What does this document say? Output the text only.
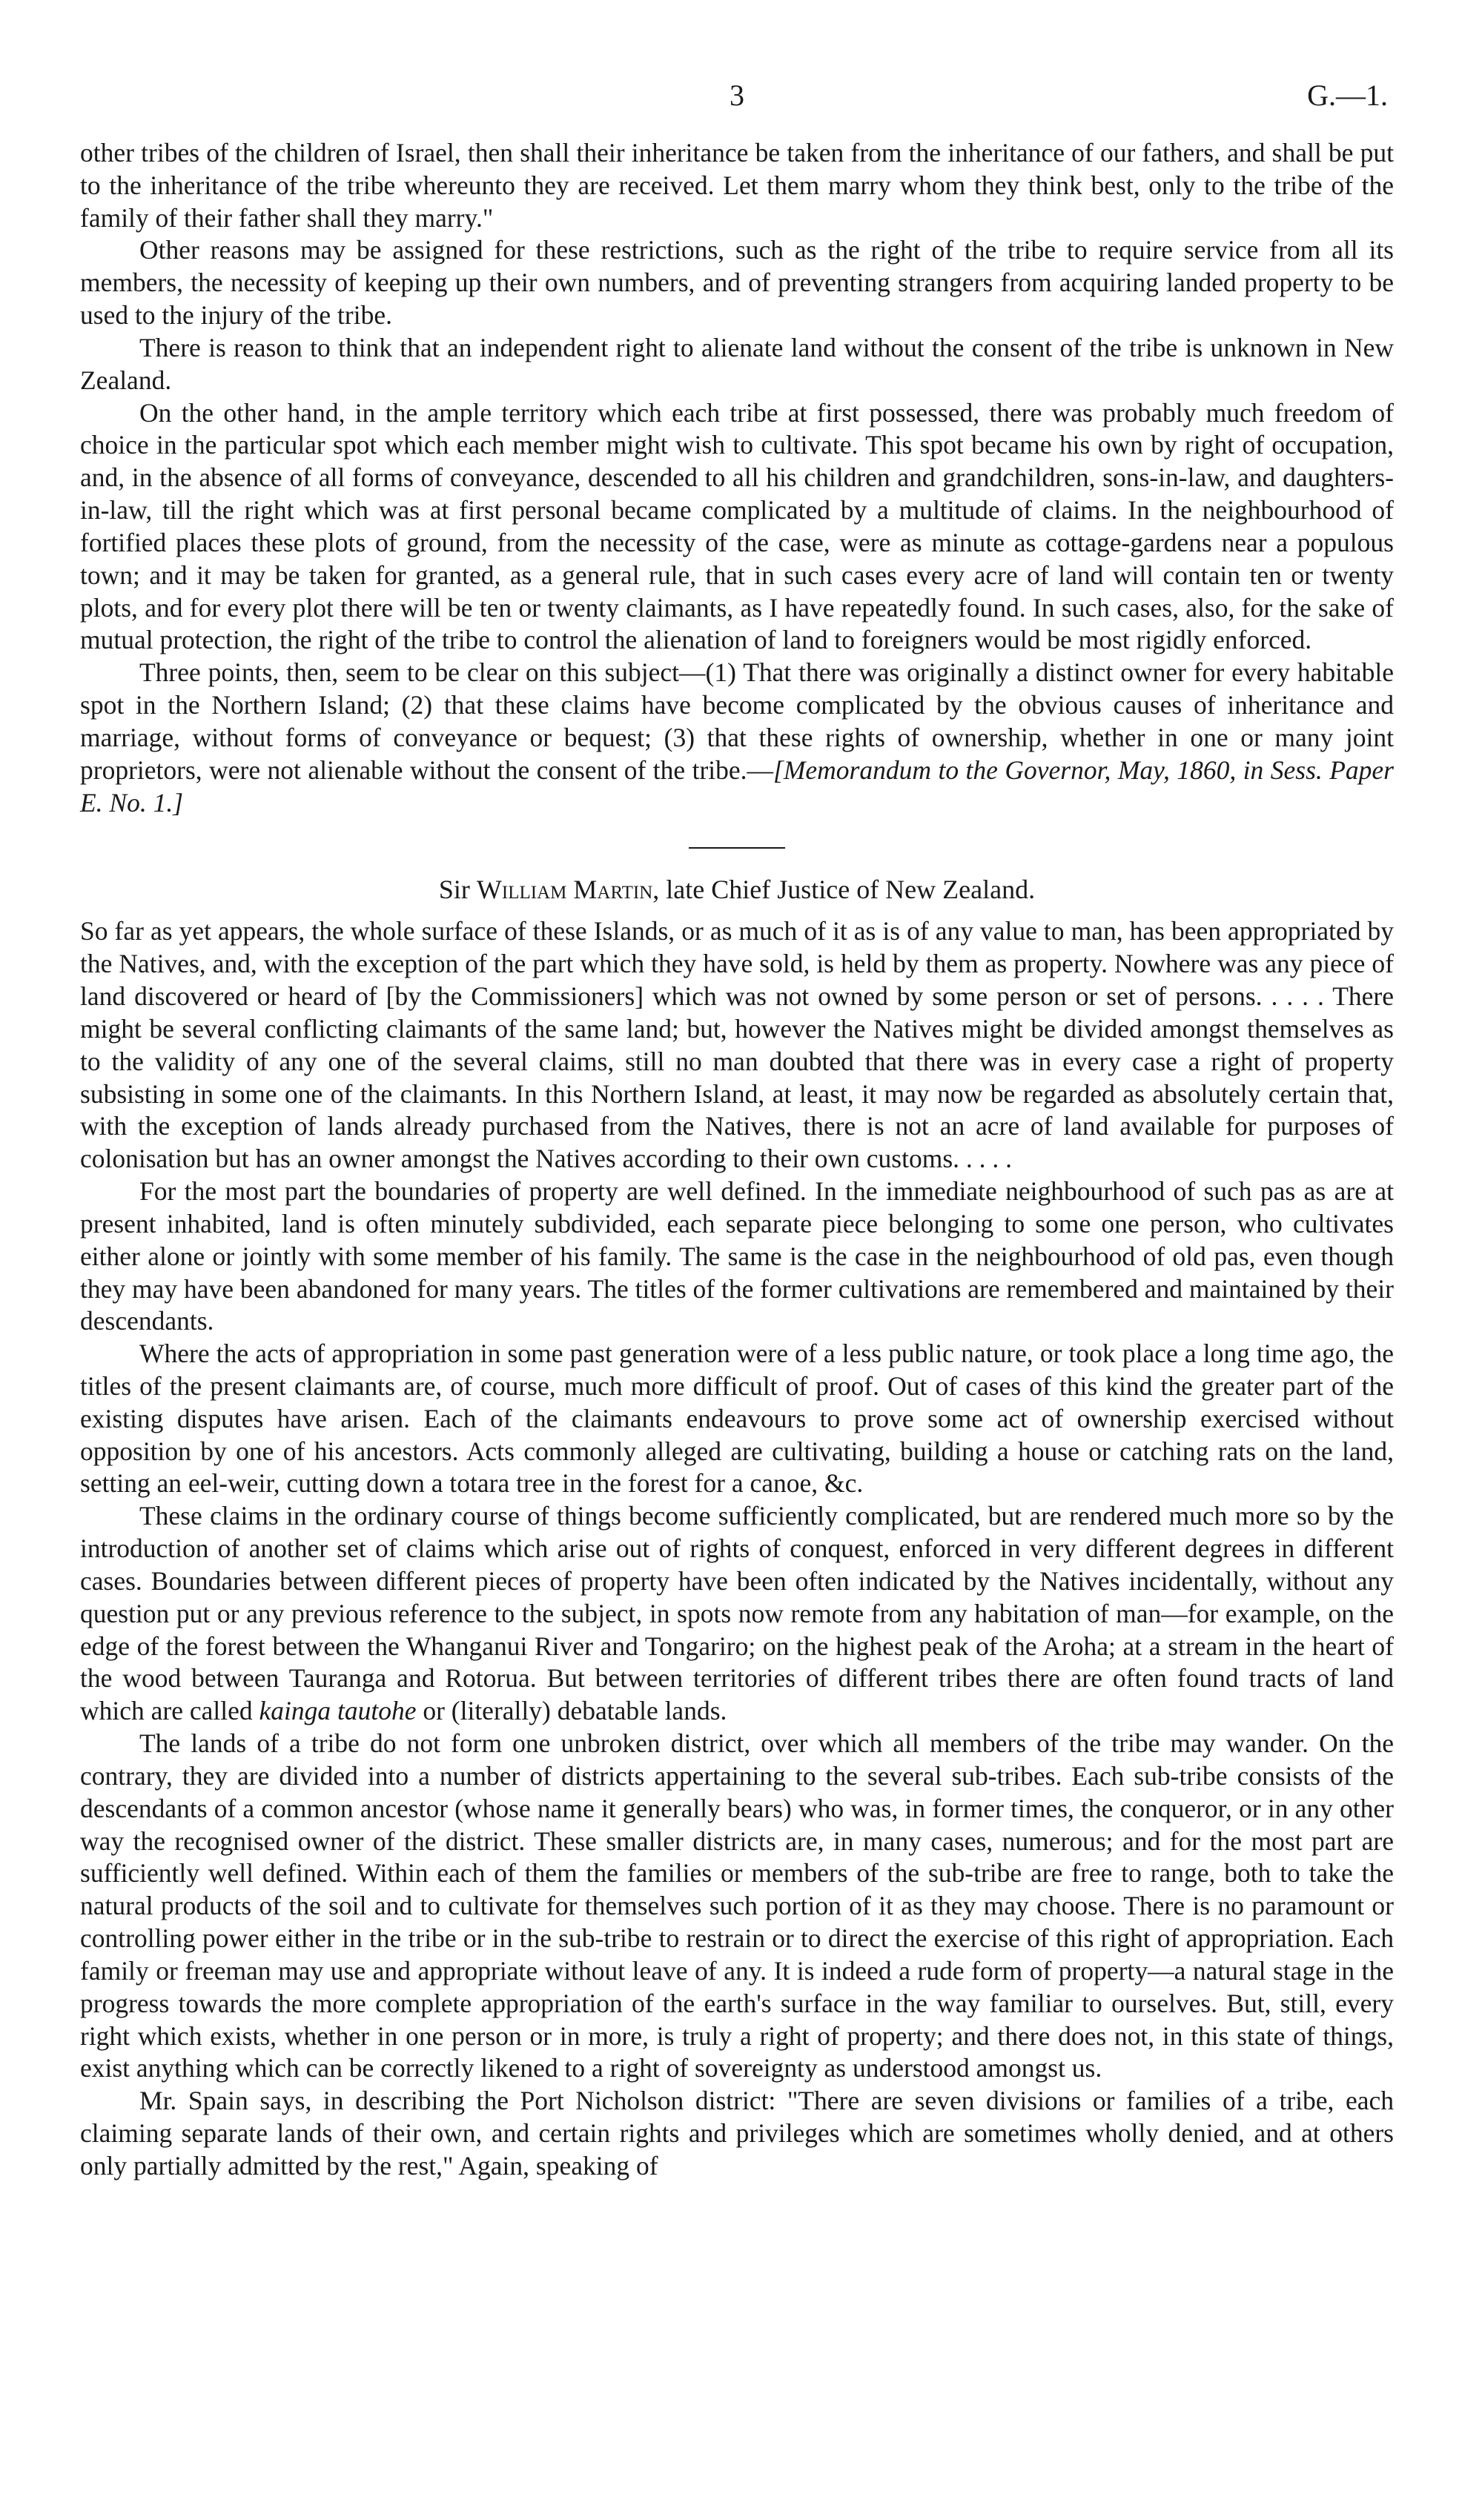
3	G.—1.

other tribes of the children of Israel, then shall their inheritance be taken from the inheritance of our fathers, and shall be put to the inheritance of the tribe whereunto they are received. Let them marry whom they think best, only to the tribe of the family of their father shall they marry."

Other reasons may be assigned for these restrictions, such as the right of the tribe to require service from all its members, the necessity of keeping up their own numbers, and of preventing strangers from acquiring landed property to be used to the injury of the tribe.

There is reason to think that an independent right to alienate land without the consent of the tribe is unknown in New Zealand.

On the other hand, in the ample territory which each tribe at first possessed, there was probably much freedom of choice in the particular spot which each member might wish to cultivate. This spot became his own by right of occupation, and, in the absence of all forms of conveyance, descended to all his children and grandchildren, sons-in-law, and daughters-in-law, till the right which was at first personal became complicated by a multitude of claims. In the neighbourhood of fortified places these plots of ground, from the necessity of the case, were as minute as cottage-gardens near a populous town; and it may be taken for granted, as a general rule, that in such cases every acre of land will contain ten or twenty plots, and for every plot there will be ten or twenty claimants, as I have repeatedly found. In such cases, also, for the sake of mutual protection, the right of the tribe to control the alienation of land to foreigners would be most rigidly enforced.

Three points, then, seem to be clear on this subject—(1) That there was originally a distinct owner for every habitable spot in the Northern Island; (2) that these claims have become complicated by the obvious causes of inheritance and marriage, without forms of conveyance or bequest; (3) that these rights of ownership, whether in one or many joint proprietors, were not alienable without the consent of the tribe.—[Memorandum to the Governor, May, 1860, in Sess. Paper E. No. 1.]

Sir William Martin, late Chief Justice of New Zealand.

So far as yet appears, the whole surface of these Islands, or as much of it as is of any value to man, has been appropriated by the Natives, and, with the exception of the part which they have sold, is held by them as property. Nowhere was any piece of land discovered or heard of [by the Commissioners] which was not owned by some person or set of persons. . . . . There might be several conflicting claimants of the same land; but, however the Natives might be divided amongst themselves as to the validity of any one of the several claims, still no man doubted that there was in every case a right of property subsisting in some one of the claimants. In this Northern Island, at least, it may now be regarded as absolutely certain that, with the exception of lands already purchased from the Natives, there is not an acre of land available for purposes of colonisation but has an owner amongst the Natives according to their own customs. . . . .

For the most part the boundaries of property are well defined. In the immediate neighbourhood of such pas as are at present inhabited, land is often minutely subdivided, each separate piece belonging to some one person, who cultivates either alone or jointly with some member of his family. The same is the case in the neighbourhood of old pas, even though they may have been abandoned for many years. The titles of the former cultivations are remembered and maintained by their descendants.

Where the acts of appropriation in some past generation were of a less public nature, or took place a long time ago, the titles of the present claimants are, of course, much more difficult of proof. Out of cases of this kind the greater part of the existing disputes have arisen. Each of the claimants endeavours to prove some act of ownership exercised without opposition by one of his ancestors. Acts commonly alleged are cultivating, building a house or catching rats on the land, setting an eel-weir, cutting down a totara tree in the forest for a canoe, &c.

These claims in the ordinary course of things become sufficiently complicated, but are rendered much more so by the introduction of another set of claims which arise out of rights of conquest, enforced in very different degrees in different cases. Boundaries between different pieces of property have been often indicated by the Natives incidentally, without any question put or any previous reference to the subject, in spots now remote from any habitation of man—for example, on the edge of the forest between the Whanganui River and Tongariro; on the highest peak of the Aroha; at a stream in the heart of the wood between Tauranga and Rotorua. But between territories of different tribes there are often found tracts of land which are called kainga tautohe or (literally) debatable lands.

The lands of a tribe do not form one unbroken district, over which all members of the tribe may wander. On the contrary, they are divided into a number of districts appertaining to the several sub-tribes. Each sub-tribe consists of the descendants of a common ancestor (whose name it generally bears) who was, in former times, the conqueror, or in any other way the recognised owner of the district. These smaller districts are, in many cases, numerous; and for the most part are sufficiently well defined. Within each of them the families or members of the sub-tribe are free to range, both to take the natural products of the soil and to cultivate for themselves such portion of it as they may choose. There is no paramount or controlling power either in the tribe or in the sub-tribe to restrain or to direct the exercise of this right of appropriation. Each family or freeman may use and appropriate without leave of any. It is indeed a rude form of property—a natural stage in the progress towards the more complete appropriation of the earth's surface in the way familiar to ourselves. But, still, every right which exists, whether in one person or in more, is truly a right of property; and there does not, in this state of things, exist anything which can be correctly likened to a right of sovereignty as understood amongst us.

Mr. Spain says, in describing the Port Nicholson district: "There are seven divisions or families of a tribe, each claiming separate lands of their own, and certain rights and privileges which are sometimes wholly denied, and at others only partially admitted by the rest," Again, speaking of
